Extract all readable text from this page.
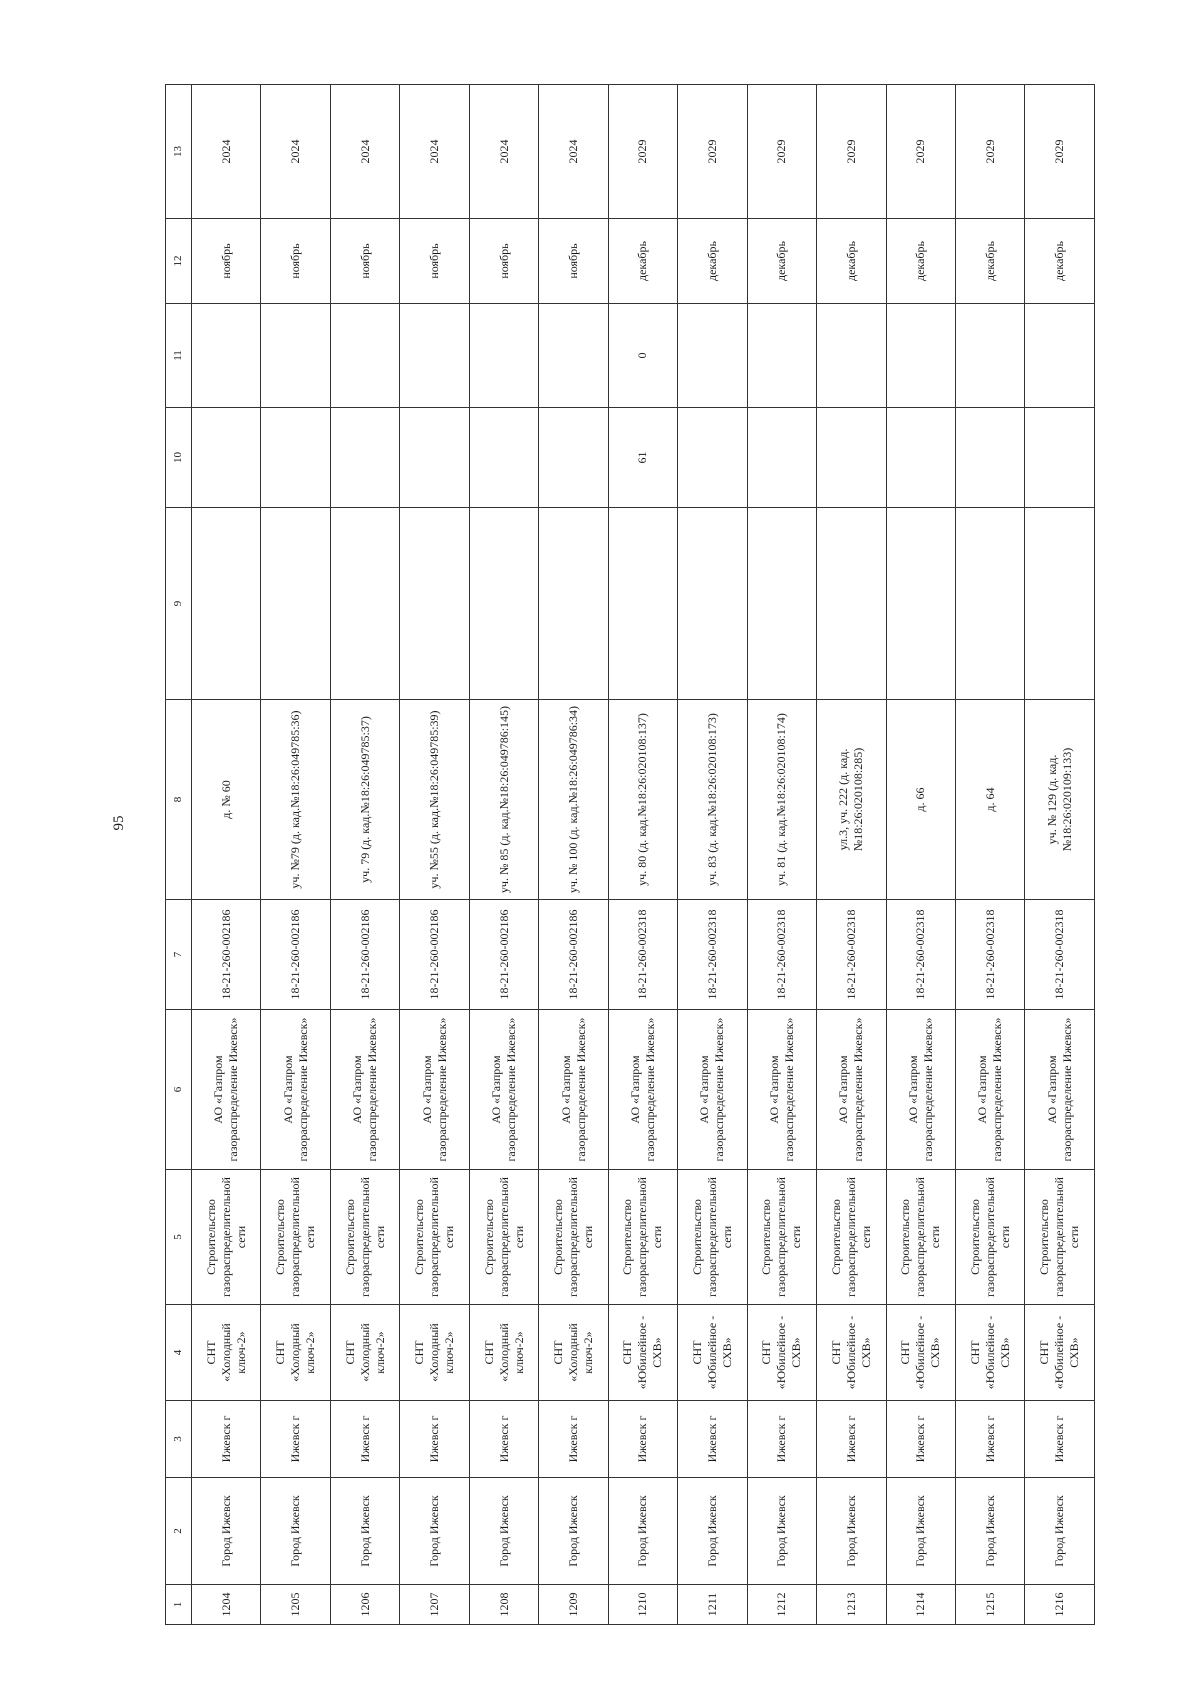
95
1	2	3	4	5	6	7	8	9	10	11	12	13
1204	Город Ижевск	Ижевск г	СНТ «Холодный ключ-2»	Строительство газораспределительной сети	АО «Газпром газораспределение Ижевск»	18-21-260-002186	д. № 60				ноябрь	2024
1205	Город Ижевск	Ижевск г	СНТ «Холодный ключ-2»	Строительство газораспределительной сети	АО «Газпром газораспределение Ижевск»	18-21-260-002186	уч. №79 (д. кад.№18:26:049785:36)				ноябрь	2024
1206	Город Ижевск	Ижевск г	СНТ «Холодный ключ-2»	Строительство газораспределительной сети	АО «Газпром газораспределение Ижевск»	18-21-260-002186	уч. 79 (д. кад.№18:26:049785:37)				ноябрь	2024
1207	Город Ижевск	Ижевск г	СНТ «Холодный ключ-2»	Строительство газораспределительной сети	АО «Газпром газораспределение Ижевск»	18-21-260-002186	уч. №55 (д. кад.№18:26:049785:39)				ноябрь	2024
1208	Город Ижевск	Ижевск г	СНТ «Холодный ключ-2»	Строительство газораспределительной сети	АО «Газпром газораспределение Ижевск»	18-21-260-002186	уч. № 85 (д. кад.№18:26:049786:145)				ноябрь	2024
1209	Город Ижевск	Ижевск г	СНТ «Холодный ключ-2»	Строительство газораспределительной сети	АО «Газпром газораспределение Ижевск»	18-21-260-002186	уч. № 100 (д. кад.№18:26:049786:34)				ноябрь	2024
1210	Город Ижевск	Ижевск г	СНТ «Юбилейное - СХВ»	Строительство газораспределительной сети	АО «Газпром газораспределение Ижевск»	18-21-260-002318	уч. 80 (д. кад.№18:26:020108:137)		61	0	декабрь	2029
1211	Город Ижевск	Ижевск г	СНТ «Юбилейное - СХВ»	Строительство газораспределительной сети	АО «Газпром газораспределение Ижевск»	18-21-260-002318	уч. 83 (д. кад.№18:26:020108:173)				декабрь	2029
1212	Город Ижевск	Ижевск г	СНТ «Юбилейное - СХВ»	Строительство газораспределительной сети	АО «Газпром газораспределение Ижевск»	18-21-260-002318	уч. 81 (д. кад.№18:26:020108:174)				декабрь	2029
1213	Город Ижевск	Ижевск г	СНТ «Юбилейное - СХВ»	Строительство газораспределительной сети	АО «Газпром газораспределение Ижевск»	18-21-260-002318	ул.3, уч. 222 (д. кад.№18:26:020108:285)				декабрь	2029
1214	Город Ижевск	Ижевск г	СНТ «Юбилейное - СХВ»	Строительство газораспределительной сети	АО «Газпром газораспределение Ижевск»	18-21-260-002318	д. 66				декабрь	2029
1215	Город Ижевск	Ижевск г	СНТ «Юбилейное - СХВ»	Строительство газораспределительной сети	АО «Газпром газораспределение Ижевск»	18-21-260-002318	д. 64				декабрь	2029
1216	Город Ижевск	Ижевск г	СНТ «Юбилейное - СХВ»	Строительство газораспределительной сети	АО «Газпром газораспределение Ижевск»	18-21-260-002318	уч. № 129 (д. кад.№18:26:020109:133)				декабрь	2029
